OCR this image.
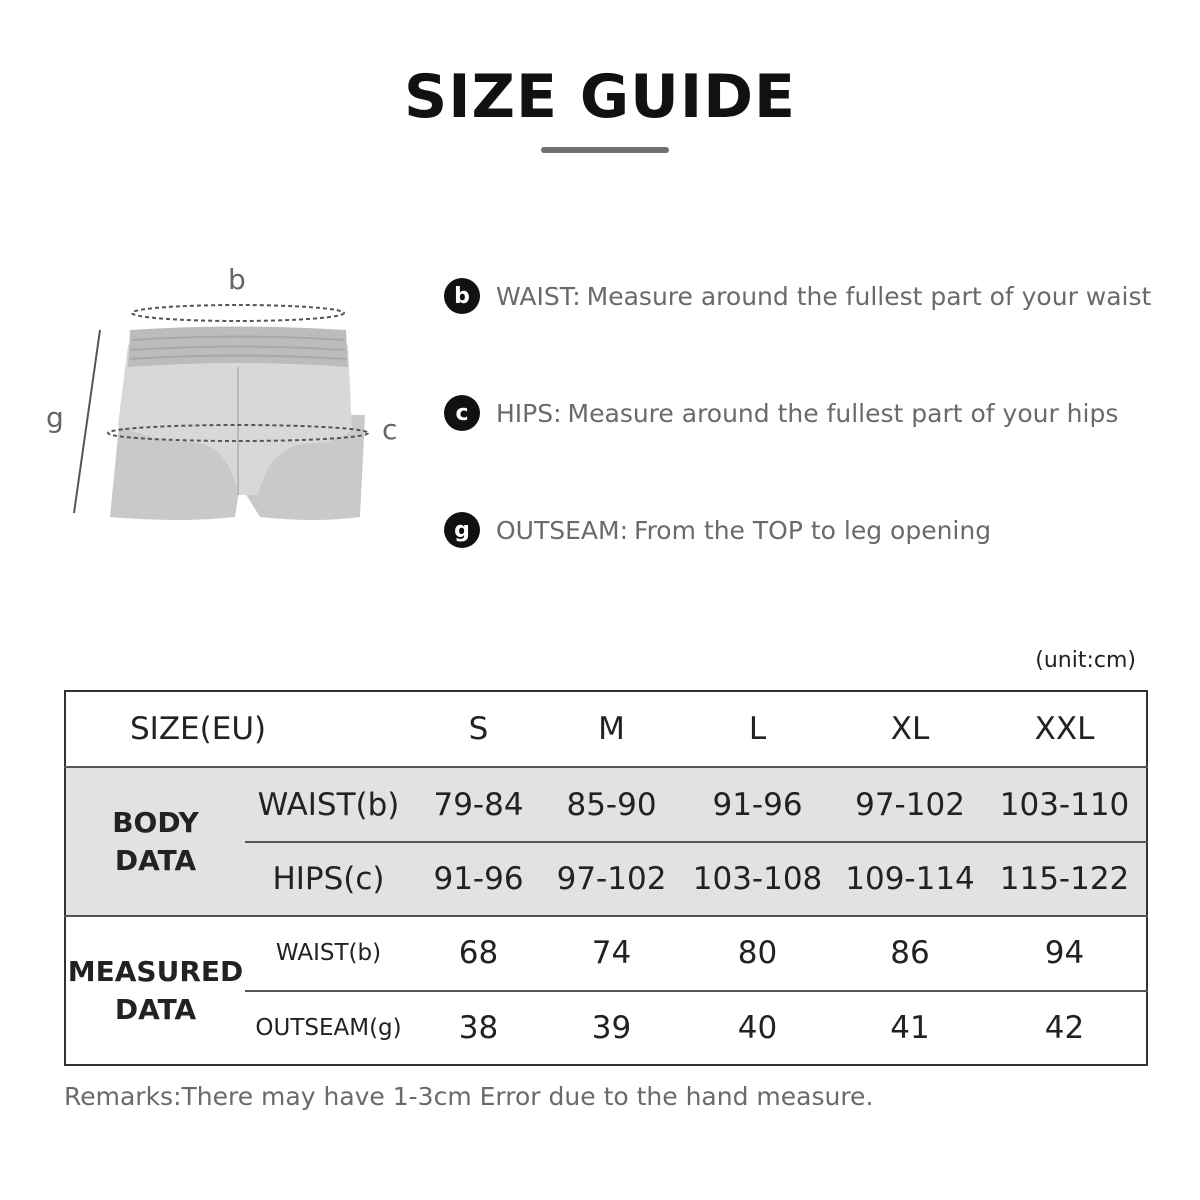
SIZE GUIDE
b
c
g
b	WAIST: Measure around the fullest part of your waist
c	HIPS: Measure around the fullest part of your hips
g	OUTSEAM: From the TOP to leg opening
(unit:cm)
SIZE(EU)		S	M	L	XL	XXL
BODY
DATA	WAIST(b)	79-84	85-90	91-96	97-102	103-110
	HIPS(c)	91-96	97-102	103-108	109-114	115-122
MEASURED
DATA	WAIST(b)	68	74	80	86	94
	OUTSEAM(g)	38	39	40	41	42
Remarks:There may have 1-3cm Error due to the hand measure.
